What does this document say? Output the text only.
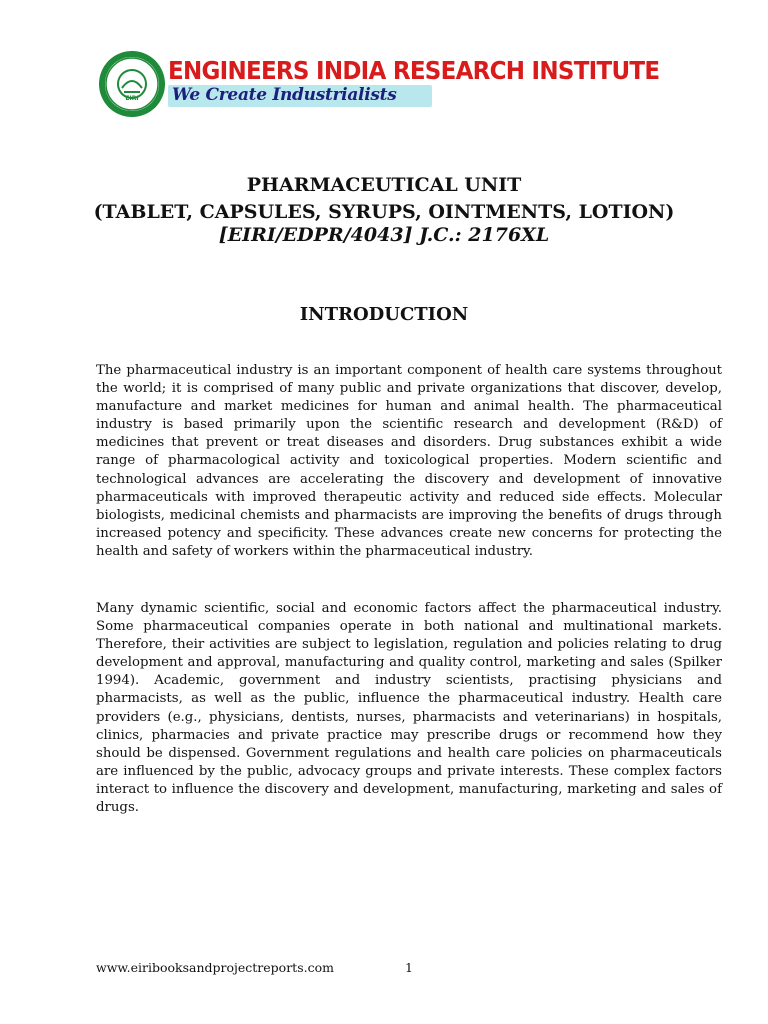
EIRI
ENGINEERS INDIA RESEARCH INSTITUTE
We Create Industrialists
PHARMACEUTICAL UNIT
(TABLET, CAPSULES, SYRUPS, OINTMENTS, LOTION)
[EIRI/EDPR/4043] J.C.: 2176XL
INTRODUCTION
The pharmaceutical industry is an important component of health care systems throughout the world; it is comprised of many public and private organizations that discover, develop, manufacture and market medicines for human and animal health. The pharmaceutical industry is based primarily upon the scientific research and development (R&D) of medicines that prevent or treat diseases and disorders. Drug substances exhibit a wide range of pharmacological activity and toxicological properties. Modern scientific and technological advances are accelerating the discovery and development of innovative pharmaceuticals with improved therapeutic activity and reduced side effects. Molecular biologists, medicinal chemists and pharmacists are improving the benefits of drugs through increased potency and specificity. These advances create new concerns for protecting the health and safety of workers within the pharmaceutical industry.
Many dynamic scientific, social and economic factors affect the pharmaceutical industry. Some pharmaceutical companies operate in both national and multinational markets. Therefore, their activities are subject to legislation, regulation and policies relating to drug development and approval, manufacturing and quality control, marketing and sales (Spilker 1994). Academic, government and industry scientists, practising physicians and pharmacists, as well as the public, influence the pharmaceutical industry. Health care providers (e.g., physicians, dentists, nurses, pharmacists and veterinarians) in hospitals, clinics, pharmacies and private practice may prescribe drugs or recommend how they should be dispensed. Government regulations and health care policies on pharmaceuticals are influenced by the public, advocacy groups and private interests. These complex factors interact to influence the discovery and development, manufacturing, marketing and sales of drugs.
www.eiribooksandprojectreports.com	1
